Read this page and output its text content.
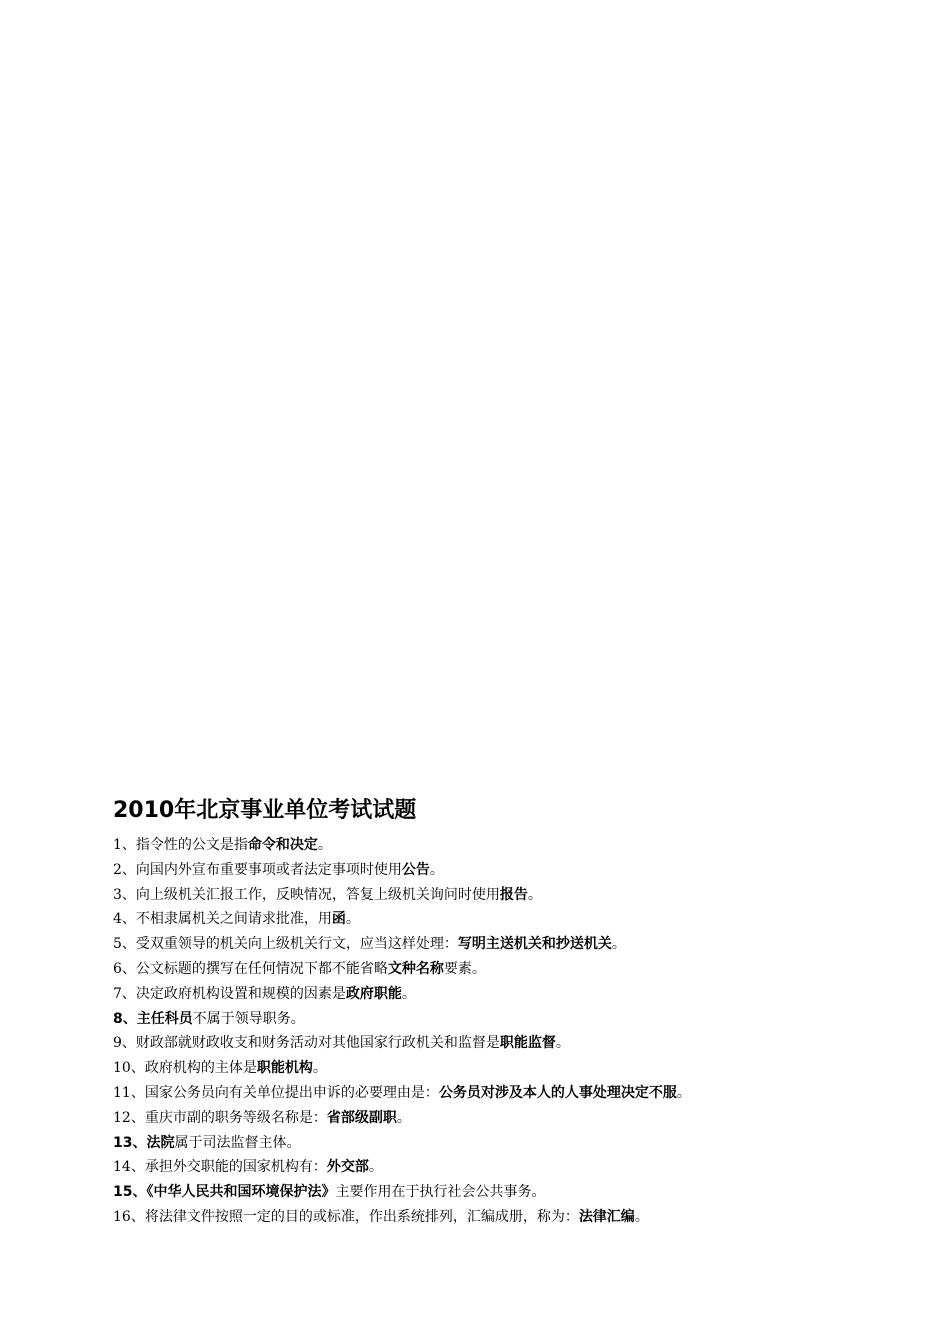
2010年北京事业单位考试试题
1、指令性的公文是指命令和决定。
2、向国内外宣布重要事项或者法定事项时使用公告。
3、向上级机关汇报工作，反映情况，答复上级机关询问时使用报告。
4、不相隶属机关之间请求批准，用函。
5、受双重领导的机关向上级机关行文，应当这样处理：写明主送机关和抄送机关。
6、公文标题的撰写在任何情况下都不能省略文种名称要素。
7、决定政府机构设置和规模的因素是政府职能。
8、主任科员不属于领导职务。
9、财政部就财政收支和财务活动对其他国家行政机关和监督是职能监督。
10、政府机构的主体是职能机构。
11、国家公务员向有关单位提出申诉的必要理由是：公务员对涉及本人的人事处理决定不服。
12、重庆市副的职务等级名称是：省部级副职。
13、法院属于司法监督主体。
14、承担外交职能的国家机构有：外交部。
15、《中华人民共和国环境保护法》主要作用在于执行社会公共事务。
16、将法律文件按照一定的目的或标准，作出系统排列，汇编成册，称为：法律汇编。
